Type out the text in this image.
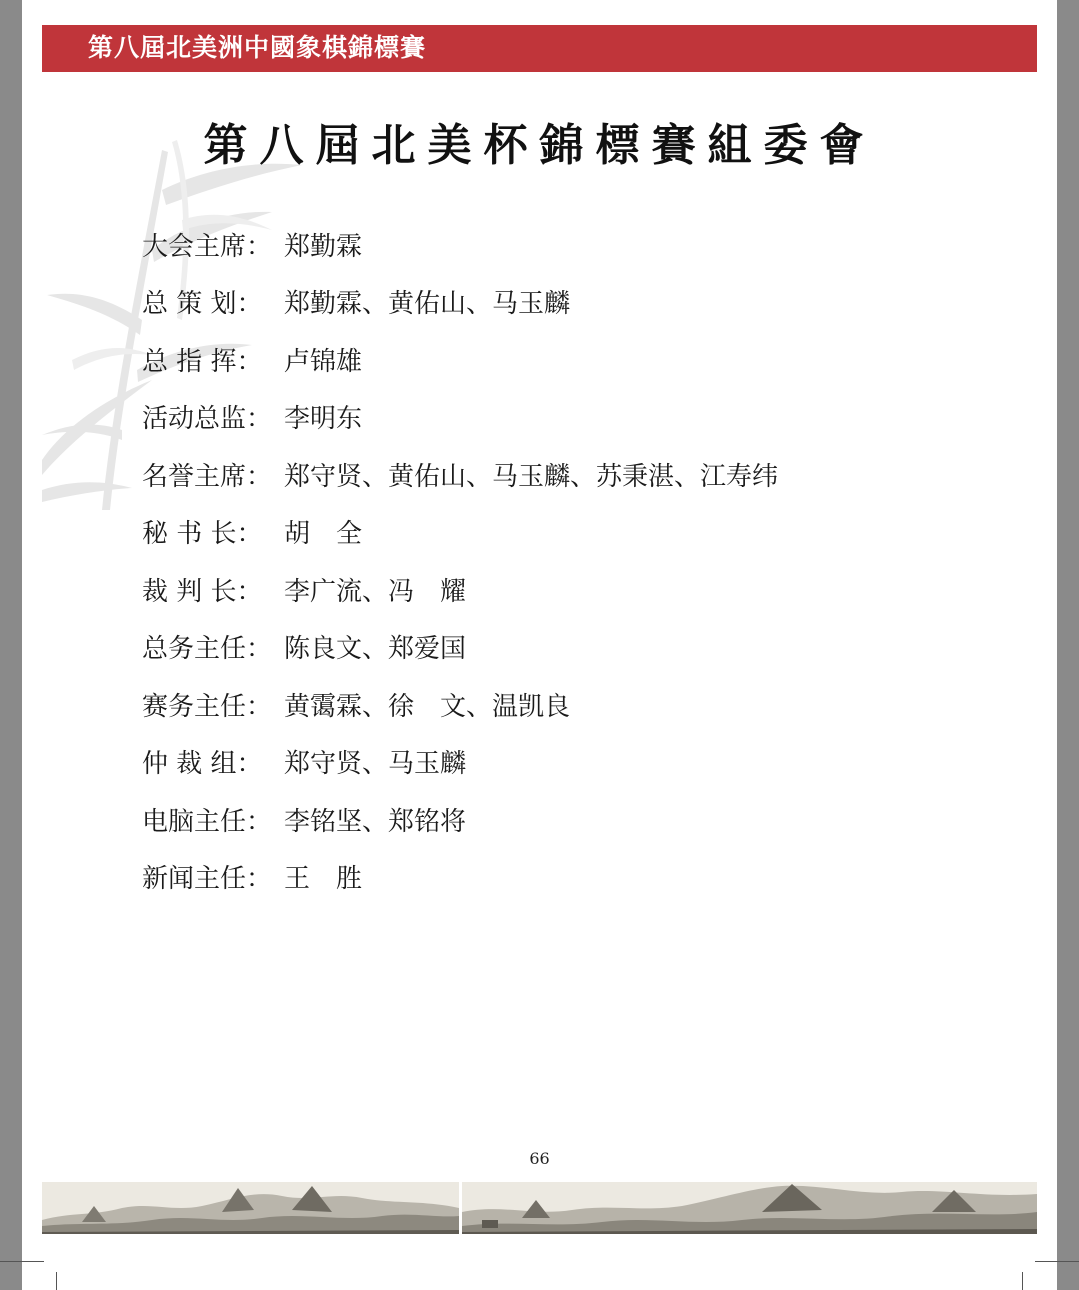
第八屆北美洲中國象棋錦標賽
第八屆北美杯錦標賽組委會
大会主席： 郑勤霖
总 策 划： 郑勤霖、黄佑山、马玉麟
总 指 挥： 卢锦雄
活动总监： 李明东
名誉主席： 郑守贤、黄佑山、马玉麟、苏秉湛、江寿纬
秘 书 长： 胡　全
裁 判 长： 李广流、冯　耀
总务主任： 陈良文、郑爱国
赛务主任： 黄霭霖、徐　文、温凯良
仲 裁 组： 郑守贤、马玉麟
电脑主任： 李铭坚、郑铭将
新闻主任： 王　胜
66
